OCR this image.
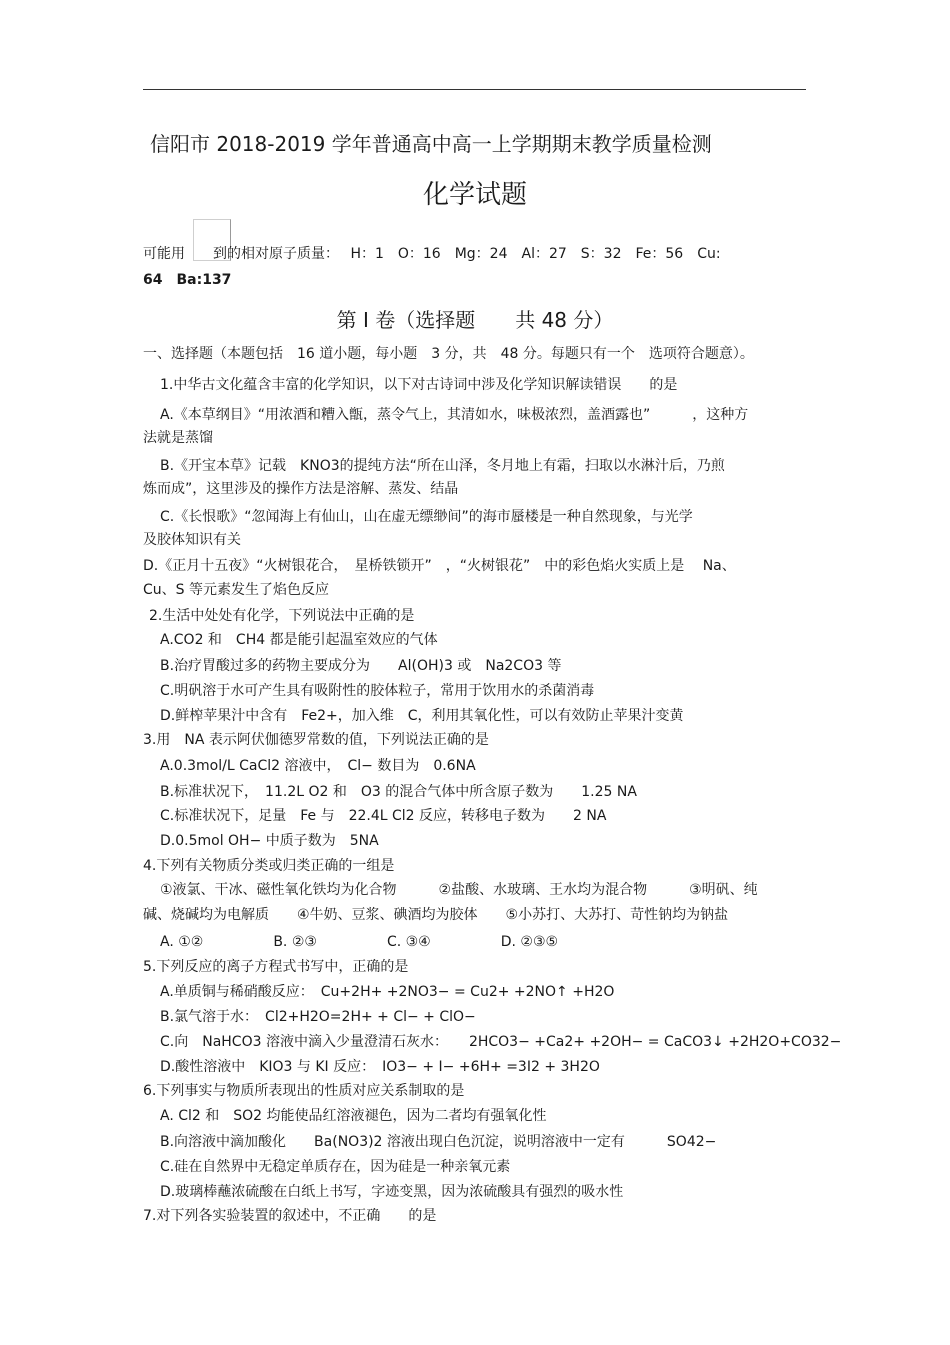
信阳市 2018-2019 学年普通高中高一上学期期末教学质量检测
化学试题
可能用　　到的相对原子质量：　 H：1　O：16　Mg：24　Al：27　S：32　Fe：56　Cu:
64　Ba:137
第 I 卷（选择题　　共 48 分）
一、选择题（本题包括　16 道小题，每小题　3 分，共　48 分。每题只有一个　选项符合题意）。
1.中华古文化蕴含丰富的化学知识，以下对古诗词中涉及化学知识解读错误　　的是
A.《本草纲目》“用浓酒和糟入甑，蒸令气上，其清如水，味极浓烈，盖酒露也”　　　，这种方
法就是蒸馏
B.《开宝本草》记载　KNO3的提纯方法“所在山泽，冬月地上有霜，扫取以水淋汁后，乃煎
炼而成”，这里涉及的操作方法是溶解、蒸发、结晶
C.《长恨歌》“忽闻海上有仙山，山在虚无缥缈间”的海市蜃楼是一种自然现象，与光学
及胶体知识有关
D.《正月十五夜》“火树银花合，　星桥铁锁开”　，“火树银花”　中的彩色焰火实质上是　 Na、
Cu、S 等元素发生了焰色反应
2.生活中处处有化学，下列说法中正确的是
A.CO2 和　CH4 都是能引起温室效应的气体
B.治疗胃酸过多的药物主要成分为　　Al(OH)3 或　Na2CO3 等
C.明矾溶于水可产生具有吸附性的胶体粒子，常用于饮用水的杀菌消毒
D.鲜榨苹果汁中含有　Fe2+，加入维　C，利用其氧化性，可以有效防止苹果汁变黄
3.用　NA 表示阿伏伽德罗常数的值，下列说法正确的是
A.0.3mol/L CaCl2 溶液中，　Cl− 数目为　0.6NA
B.标准状况下，　11.2L O2 和　O3 的混合气体中所含原子数为　　1.25 NA
C.标准状况下，足量　Fe 与　22.4L Cl2 反应，转移电子数为　　2 NA
D.0.5mol OH− 中质子数为　5NA
4.下列有关物质分类或归类正确的一组是
①液氯、干冰、磁性氧化铁均为化合物　　　②盐酸、水玻璃、王水均为混合物　　　③明矾、纯
碱、烧碱均为电解质　　④牛奶、豆浆、碘酒均为胶体　　⑤小苏打、大苏打、苛性钠均为钠盐
A. ①②　　　　　B. ②③　　　　　C. ③④　　　　　D. ②③⑤
5.下列反应的离子方程式书写中，正确的是
A.单质铜与稀硝酸反应：　Cu+2H+ +2NO3− = Cu2+ +2NO↑ +H2O
B.氯气溶于水：　Cl2+H2O=2H+ + Cl− + ClO−
C.向　NaHCO3 溶液中滴入少量澄清石灰水：　　2HCO3− +Ca2+ +2OH− = CaCO3↓ +2H2O+CO32−
D.酸性溶液中　KIO3 与 KI 反应：　IO3− + I− +6H+ =3I2 + 3H2O
6.下列事实与物质所表现出的性质对应关系制取的是
A. Cl2 和　SO2 均能使品红溶液褪色，因为二者均有强氧化性
B.向溶液中滴加酸化　　Ba(NO3)2 溶液出现白色沉淀，说明溶液中一定有　　　SO42−
C.硅在自然界中无稳定单质存在，因为硅是一种亲氧元素
D.玻璃棒蘸浓硫酸在白纸上书写，字迹变黑，因为浓硫酸具有强烈的吸水性
7.对下列各实验装置的叙述中，不正确　　的是
